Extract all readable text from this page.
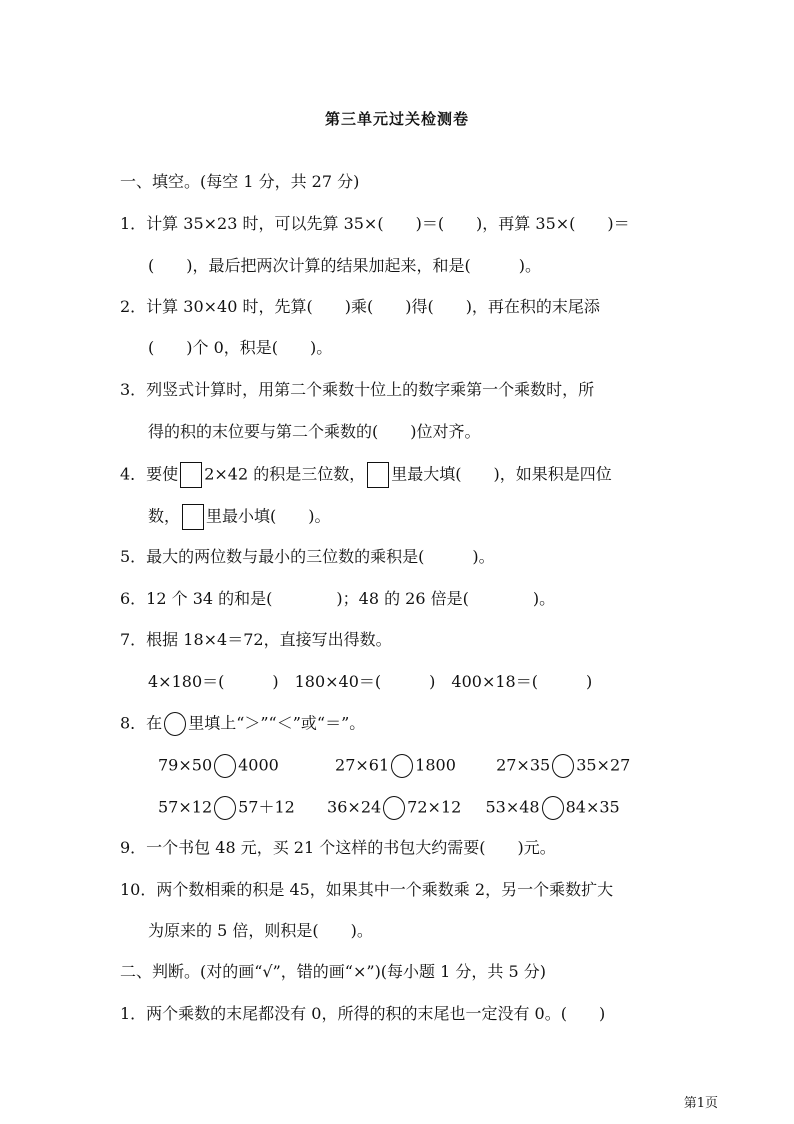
第三单元过关检测卷
一、填空。(每空 1 分，共 27 分)
1．计算 35×23 时，可以先算 35×(　　)＝(　　)，再算 35×(　　)＝
(　　)，最后把两次计算的结果加起来，和是(　　　)。
2．计算 30×40 时，先算(　　)乘(　　)得(　　)，再在积的末尾添
(　　)个 0，积是(　　)。
3．列竖式计算时，用第二个乘数十位上的数字乘第一个乘数时，所
得的积的末位要与第二个乘数的(　　)位对齐。
4．要使 2×42 的积是三位数， 里最大填(　　)，如果积是四位
数， 里最小填(　　)。
5．最大的两位数与最小的三位数的乘积是(　　　)。
6．12 个 34 的和是(　　　　)；48 的 26 倍是(　　　　)。
7．根据 18×4＝72，直接写出得数。
4×180＝(　　　)　180×40＝(　　　)　400×18＝(　　　)
8．在 里填上“＞”“＜”或“＝”。
79×50 4000	27×61 1800	27×35 35×27
57×12 57＋12 36×24 72×12 53×48 84×35
9．一个书包 48 元，买 21 个这样的书包大约需要(　　)元。
10．两个数相乘的积是 45，如果其中一个乘数乘 2，另一个乘数扩大
为原来的 5 倍，则积是(　　)。
二、判断。(对的画“√”，错的画“×”)(每小题 1 分，共 5 分)
1．两个乘数的末尾都没有 0，所得的积的末尾也一定没有 0。(　　)
第1页
